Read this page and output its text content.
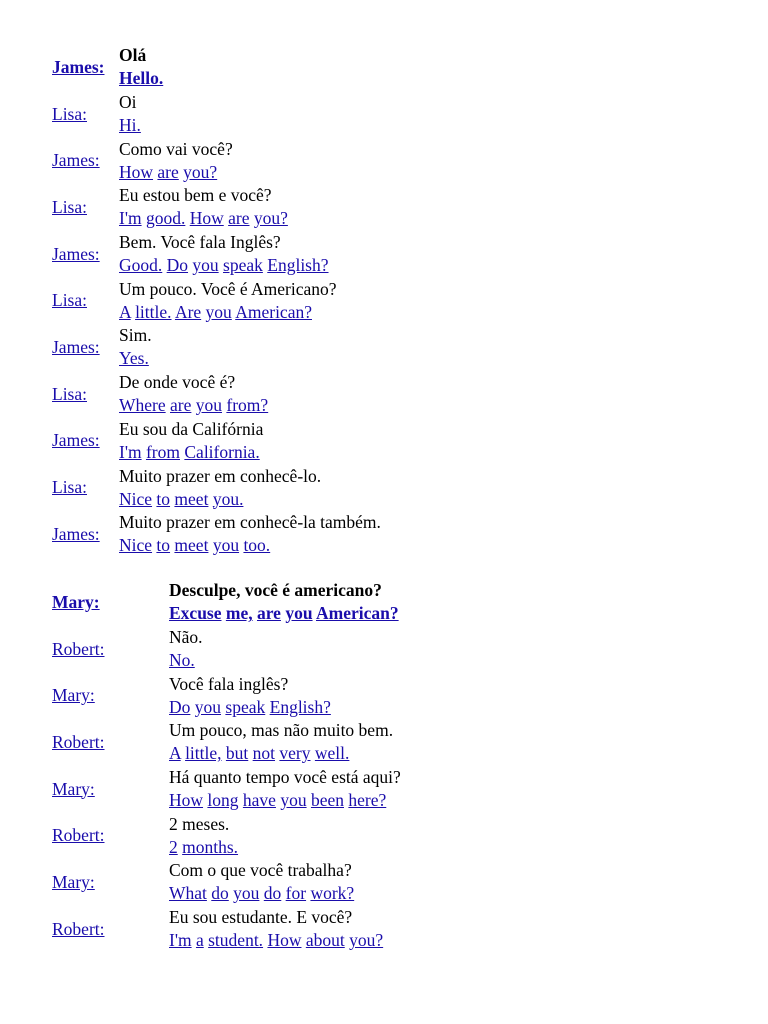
James:	Olá
Hello.

Lisa:	Oi
Hi.

James:	Como vai você?
How are you?

Lisa:	Eu estou bem e você?
I'm good. How are you?

James:	Bem. Você fala Inglês?
Good. Do you speak English?

Lisa:	Um pouco. Você é Americano?
A little. Are you American?

James:	Sim.
Yes.

Lisa:	De onde você é?
Where are you from?

James:	Eu sou da Califórnia
I'm from California.

Lisa:	Muito prazer em conhecê-lo.
Nice to meet you.

James:	Muito prazer em conhecê-la também.
Nice to meet you too.
Mary:	Desculpe, você é americano?
Excuse me, are you American?

Robert:	Não.
No.

Mary:	Você fala inglês?
Do you speak English?

Robert:	Um pouco, mas não muito bem.
A little, but not very well.

Mary:	Há quanto tempo você está aqui?
How long have you been here?

Robert:	2 meses.
2 months.

Mary:	Com o que você trabalha?
What do you do for work?

Robert:	Eu sou estudante. E você?
I'm a student. How about you?
